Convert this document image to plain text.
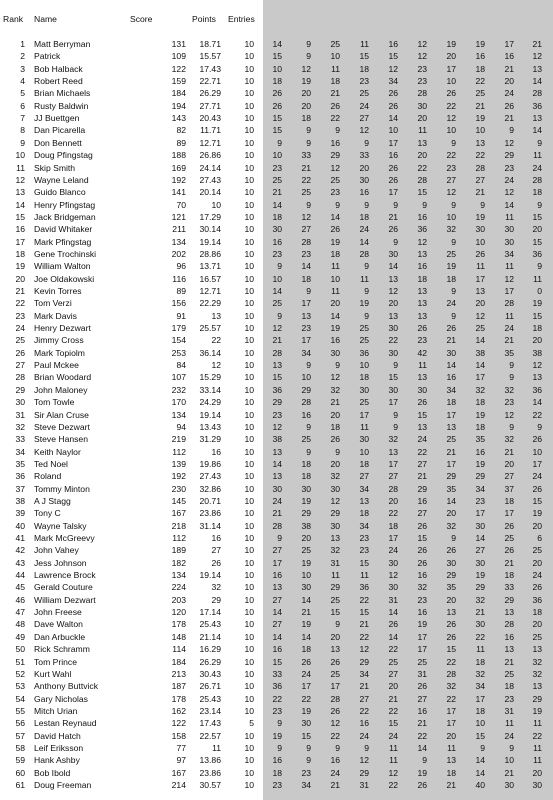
Rank Name	Score	Points Entries
1 Matt Berryman	131	18.71	10	14	9	25	11	16	12	19	19	17	21
2 Patrick	109	15.57	10	15	9	10	15	15	12	20	16	16	12
3 Bob Halback	122	17.43	10	10	12	11	18	12	23	17	18	21	13
4 Robert Reed	159	22.71	10	18	19	18	23	34	23	10	22	20	14
5 Brian Michaels	184	26.29	10	26	20	21	25	26	28	26	25	24	28
6 Rusty Baldwin	194	27.71	10	26	20	26	24	26	30	22	21	26	36
7 JJ Buettgen	143	20.43	10	15	18	22	27	14	20	12	19	21	13
8 Dan Picarella	82	11.71	10	15	9	9	12	10	11	10	10	9	14
9 Don Bennett	89	12.71	10	9	9	16	9	17	13	9	13	12	9
10 Doug Pfingstag	188	26.86	10	10	33	29	33	16	20	22	22	29	11
11 Skip Smith	169	24.14	10	23	21	12	20	26	22	23	28	23	24
12 Wayne Leland	192	27.43	10	25	22	25	30	26	28	27	27	24	28
13 Guido Blanco	141	20.14	10	21	25	23	16	17	15	12	21	12	18
14 Henry Pfingstag	70	10	10	14	9	9	9	9	9	9	9	14	9
15 Jack Bridgeman	121	17.29	10	18	12	14	18	21	16	10	19	11	15
16 David Whitaker	211	30.14	10	30	27	26	24	26	36	32	30	30	20
17 Mark Pfingstag	134	19.14	10	16	28	19	14	9	12	9	10	30	15
18 Gene Trochinski	202	28.86	10	23	23	18	28	30	13	25	26	34	36
19 William Walton	96	13.71	10	9	14	11	9	14	16	19	11	11	9
20 Joe Oldakowski	116	16.57	10	10	18	10	11	13	18	18	17	12	11
21 Kevin Torres	89	12.71	10	14	9	11	9	12	13	9	13	17	0
22 Tom Verzi	156	22.29	10	25	17	20	19	20	13	24	20	28	19
23 Mark Davis	91	13	10	9	13	14	9	13	13	9	12	11	15
24 Henry Dezwart	179	25.57	10	12	23	19	25	30	26	26	25	24	18
25 Jimmy Cross	154	22	10	21	17	16	25	22	23	21	14	21	20
26 Mark Topiolm	253	36.14	10	28	34	30	36	30	42	30	38	35	38
27 Paul Mckee	84	12	10	13	9	9	10	9	11	14	14	9	12
28 Brian Woodard	107	15.29	10	15	10	12	18	15	13	16	17	9	13
29 John Maloney	232	33.14	10	36	29	32	30	30	30	34	32	32	36
30 Tom Towle	170	24.29	10	29	28	21	25	17	26	18	18	23	14
31 Sir Alan Cruse	134	19.14	10	23	16	20	17	9	15	17	19	12	22
32 Steve Dezwart	94	13.43	10	12	9	18	11	9	13	13	18	9	9
33 Steve Hansen	219	31.29	10	38	25	26	30	32	24	25	35	32	26
34 Keith Naylor	112	16	10	13	9	9	10	13	22	21	16	21	10
35 Ted Noel	139	19.86	10	14	18	20	18	17	27	17	19	20	17
36 Roland	192	27.43	10	13	18	32	27	27	21	29	29	27	24
37 Tommy Minton	230	32.86	10	30	30	30	34	28	29	35	34	37	26
38 A J Stagg	145	20.71	10	24	19	12	13	20	16	14	23	18	15
39 Tony C	167	23.86	10	21	29	29	18	22	27	20	17	17	19
40 Wayne Talsky	218	31.14	10	28	38	30	34	18	26	32	30	26	20
41 Mark McGreevy	112	16	10	9	20	13	23	17	15	9	14	25	6
42 John Vahey	189	27	10	27	25	32	23	24	26	26	27	26	25
43 Jess Johnson	182	26	10	17	19	31	15	30	26	30	30	21	20
44 Lawrence Brock	134	19.14	10	16	10	11	11	12	16	29	19	18	24
45 Gerald Couture	224	32	10	13	30	29	36	30	32	35	29	33	26
46 William Dezwart	203	29	10	27	14	25	22	31	23	20	32	29	36
47 John Freese	120	17.14	10	14	21	15	15	14	16	13	21	13	18
48 Dave Walton	178	25.43	10	27	19	9	21	26	19	26	30	28	20
49 Dan Arbuckle	148	21.14	10	14	14	20	22	14	17	26	22	16	25
50 Rick Schramm	114	16.29	10	16	18	13	12	22	17	15	11	13	13
51 Tom Prince	184	26.29	10	15	26	26	29	25	25	22	18	21	32
52 Kurt Wahl	213	30.43	10	33	24	25	34	27	31	28	32	25	32
53 Anthony Buttvick	187	26.71	10	36	17	17	21	20	26	32	34	18	13
54 Gary Nicholas	178	25.43	10	22	22	28	27	21	27	22	17	23	29
55 Mitch Urian	162	23.14	10	23	19	26	22	22	16	17	18	31	19
56 Lestan Reynaud	122	17.43	5	9	30	12	16	15	21	17	10	11	11
57 David Hatch	158	22.57	10	19	15	22	24	24	22	20	15	24	22
58 Leif Eriksson	77	11	10	9	9	9	9	11	14	11	9	9	11
59 Hank Ashby	97	13.86	10	16	9	16	12	11	9	13	14	10	11
60 Bob Ibold	167	23.86	10	18	23	24	29	12	19	18	14	21	20
61 Doug Freeman	214	30.57	10	23	34	21	31	22	26	21	40	30	30
